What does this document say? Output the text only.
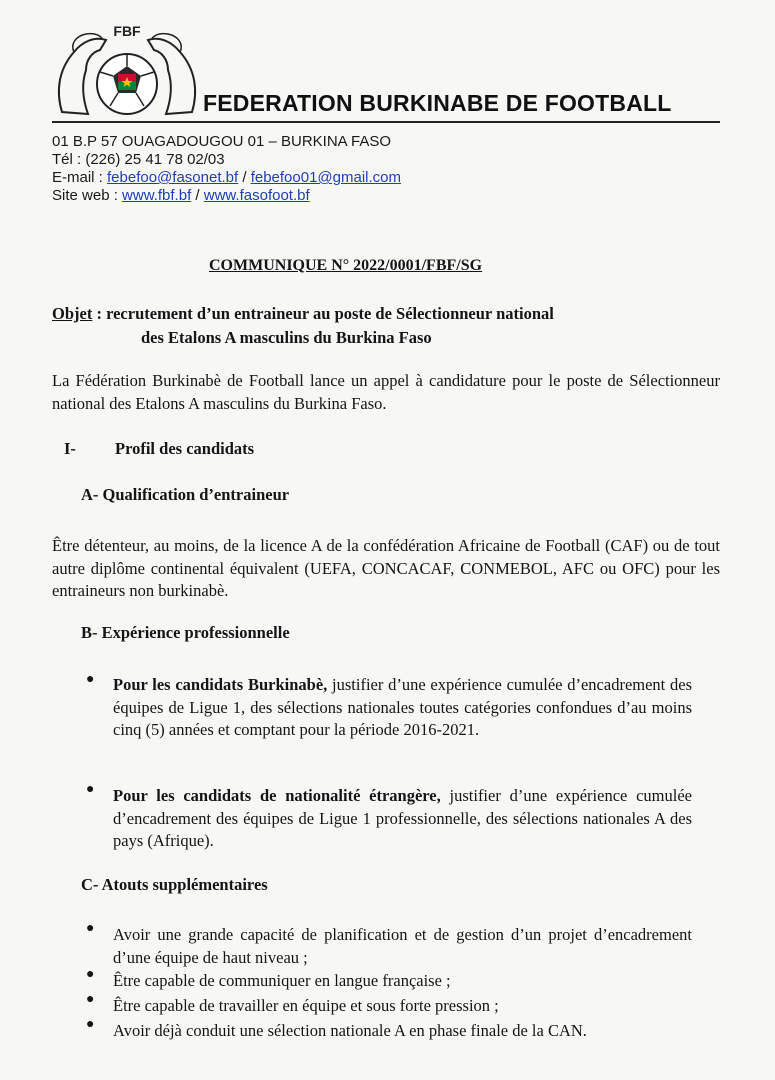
FBF
FEDERATION BURKINABE DE FOOTBALL
01 B.P 57 OUAGADOUGOU 01 – BURKINA FASO
Tél : (226) 25 41 78 02/03
E-mail : febefoo@fasonet.bf / febefoo01@gmail.com
Site web : www.fbf.bf / www.fasofoot.bf
COMMUNIQUE N° 2022/0001/FBF/SG
Objet : recrutement d’un entraineur au poste de Sélectionneur national
des Etalons A masculins du Burkina Faso
La Fédération Burkinabè de Football lance un appel à candidature pour le poste de Sélectionneur national des Etalons A masculins du Burkina Faso.
I- Profil des candidats
A- Qualification d’entraineur
Être détenteur, au moins, de la licence A de la confédération Africaine de Football (CAF) ou de tout autre diplôme continental équivalent (UEFA, CONCACAF, CONMEBOL, AFC ou OFC) pour les entraineurs non burkinabè.
B- Expérience professionnelle
● Pour les candidats Burkinabè, justifier d’une expérience cumulée d’encadrement des équipes de Ligue 1, des sélections nationales toutes catégories confondues d’au moins cinq (5) années et comptant pour la période 2016-2021.
● Pour les candidats de nationalité étrangère, justifier d’une expérience cumulée d’encadrement des équipes de Ligue 1 professionnelle, des sélections nationales A des pays (Afrique).
C- Atouts supplémentaires
● Avoir une grande capacité de planification et de gestion d’un projet d’encadrement d’une équipe de haut niveau ;
● Être capable de communiquer en langue française ;
● Être capable de travailler en équipe et sous forte pression ;
● Avoir déjà conduit une sélection nationale A en phase finale de la CAN.
